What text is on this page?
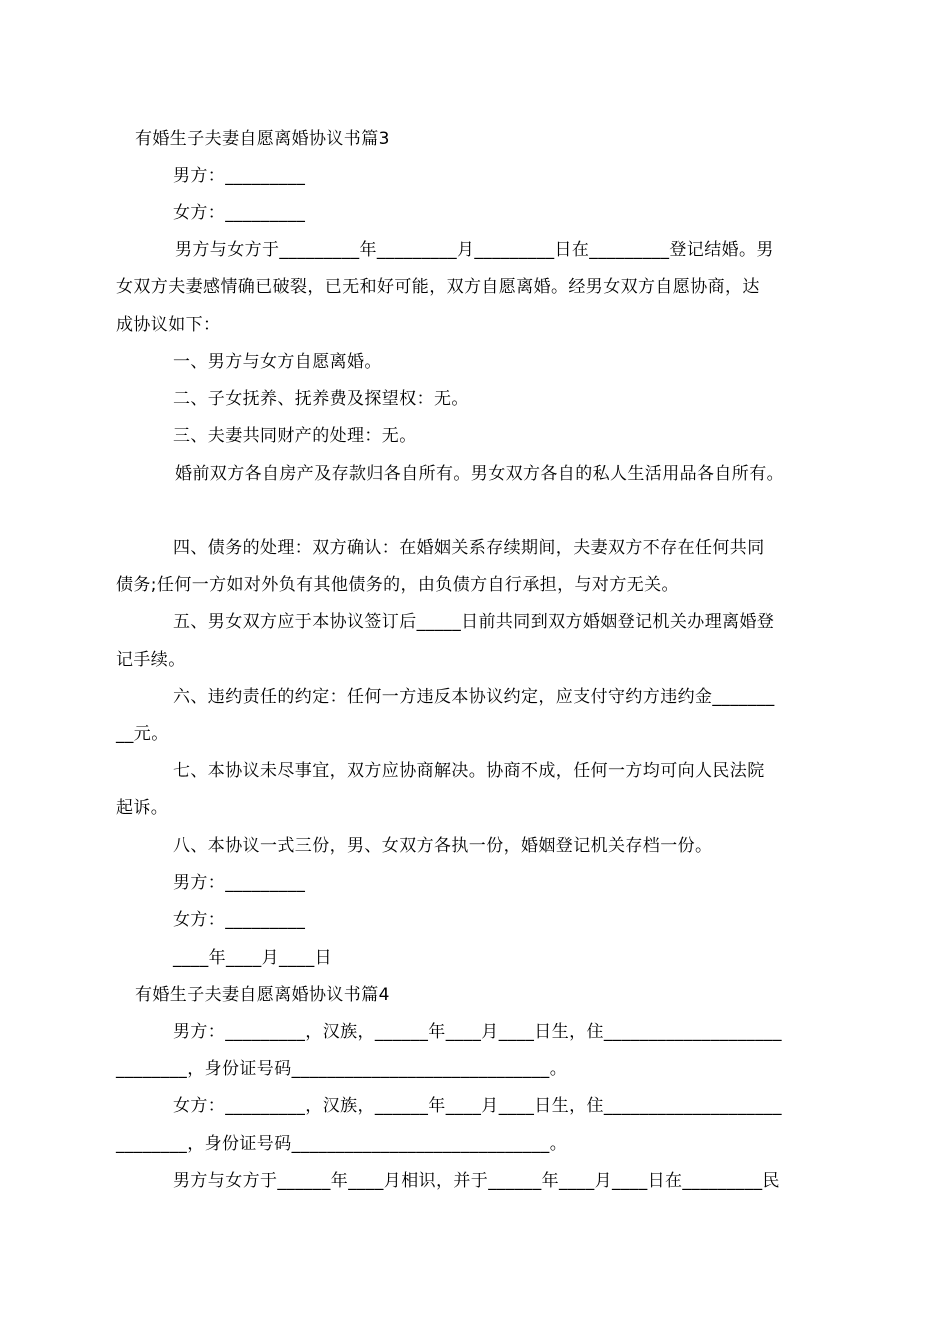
有婚生子夫妻自愿离婚协议书篇3
男方：_________
女方：_________
男方与女方于_________年_________月_________日在_________登记结婚。男
女双方夫妻感情确已破裂，已无和好可能，双方自愿离婚。经男女双方自愿协商，达
成协议如下：
一、男方与女方自愿离婚。
二、子女抚养、抚养费及探望权：无。
三、夫妻共同财产的处理：无。
婚前双方各自房产及存款归各自所有。男女双方各自的私人生活用品各自所有。
四、债务的处理：双方确认：在婚姻关系存续期间，夫妻双方不存在任何共同
债务;任何一方如对外负有其他债务的，由负债方自行承担，与对方无关。
五、男女双方应于本协议签订后_____日前共同到双方婚姻登记机关办理离婚登
记手续。
六、违约责任的约定：任何一方违反本协议约定，应支付守约方违约金_______
__元。
七、本协议未尽事宜，双方应协商解决。协商不成，任何一方均可向人民法院
起诉。
八、本协议一式三份，男、女双方各执一份，婚姻登记机关存档一份。
男方：_________
女方：_________
____年____月____日
有婚生子夫妻自愿离婚协议书篇4
男方：_________，汉族，______年____月____日生，住____________________
________，身份证号码_____________________________。
女方：_________，汉族，______年____月____日生，住____________________
________，身份证号码_____________________________。
男方与女方于______年____月相识，并于______年____月____日在_________民
